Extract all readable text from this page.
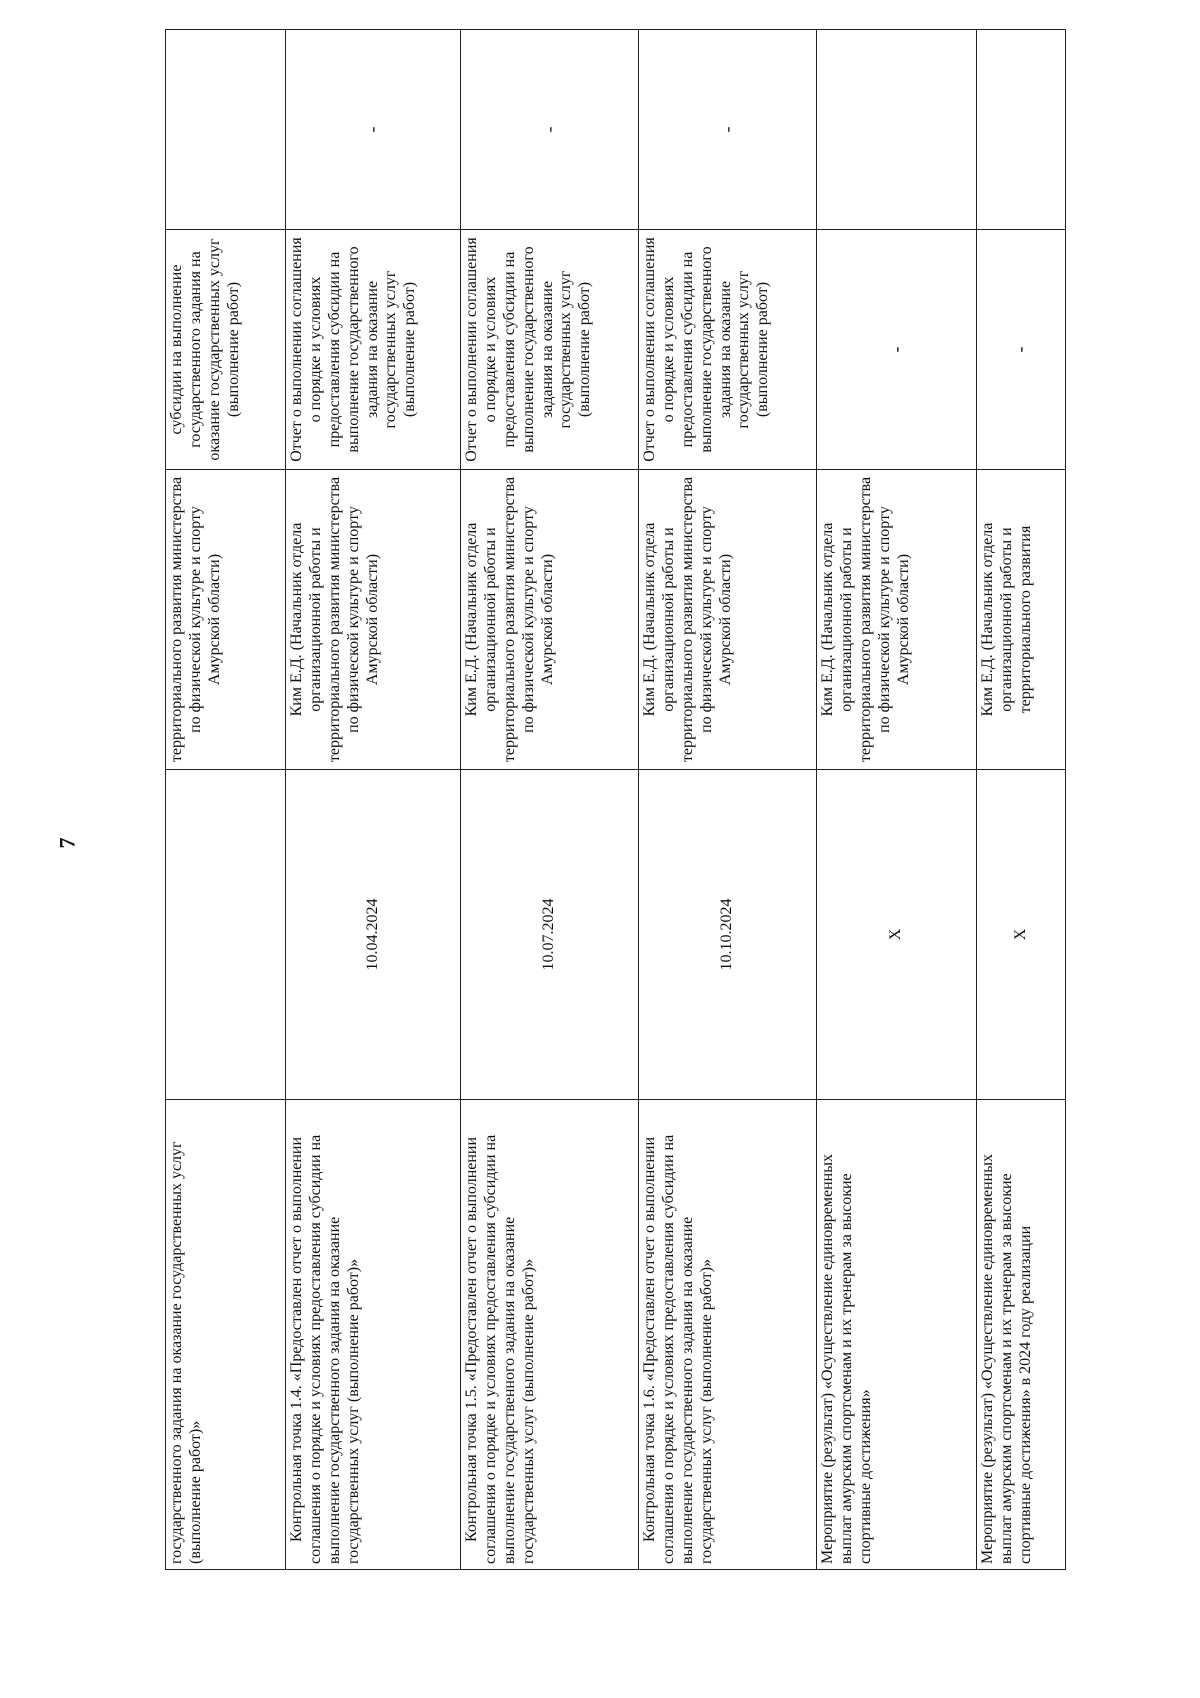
7
государственного задания на оказание государственных услуг (выполнение работ)»		территориального развития министерства по физической культуре и спорту Амурской области)	субсидии на выполнение государственного задания на оказание государственных услуг (выполнение работ)	
Контрольная точка 1.4. «Предоставлен отчет о выполнении соглашения о порядке и условиях предоставления субсидии на выполнение государственного задания на оказание государственных услуг (выполнение работ)»	10.04.2024	Ким Е.Д. (Начальник отдела организационной работы и территориального развития министерства по физической культуре и спорту Амурской области)	Отчет о выполнении соглашения о порядке и условиях предоставления субсидии на выполнение государственного задания на оказание государственных услуг (выполнение работ)	-
Контрольная точка 1.5. «Предоставлен отчет о выполнении соглашения о порядке и условиях предоставления субсидии на выполнение государственного задания на оказание государственных услуг (выполнение работ)»	10.07.2024	Ким Е.Д. (Начальник отдела организационной работы и территориального развития министерства по физической культуре и спорту Амурской области)	Отчет о выполнении соглашения о порядке и условиях предоставления субсидии на выполнение государственного задания на оказание государственных услуг (выполнение работ)	-
Контрольная точка 1.6. «Предоставлен отчет о выполнении соглашения о порядке и условиях предоставления субсидии на выполнение государственного задания на оказание государственных услуг (выполнение работ)»	10.10.2024	Ким Е.Д. (Начальник отдела организационной работы и территориального развития министерства по физической культуре и спорту Амурской области)	Отчет о выполнении соглашения о порядке и условиях предоставления субсидии на выполнение государственного задания на оказание государственных услуг (выполнение работ)	-
Мероприятие (результат) «Осуществление единовременных выплат амурским спортсменам и их тренерам за высокие спортивные достижения»	X	Ким Е.Д. (Начальник отдела организационной работы и территориального развития министерства по физической культуре и спорту Амурской области)	-	
Мероприятие (результат) «Осуществление единовременных выплат амурским спортсменам и их тренерам за высокие спортивные достижения» в 2024 году реализации	X	Ким Е.Д. (Начальник отдела организационной работы и территориального развития	-	
